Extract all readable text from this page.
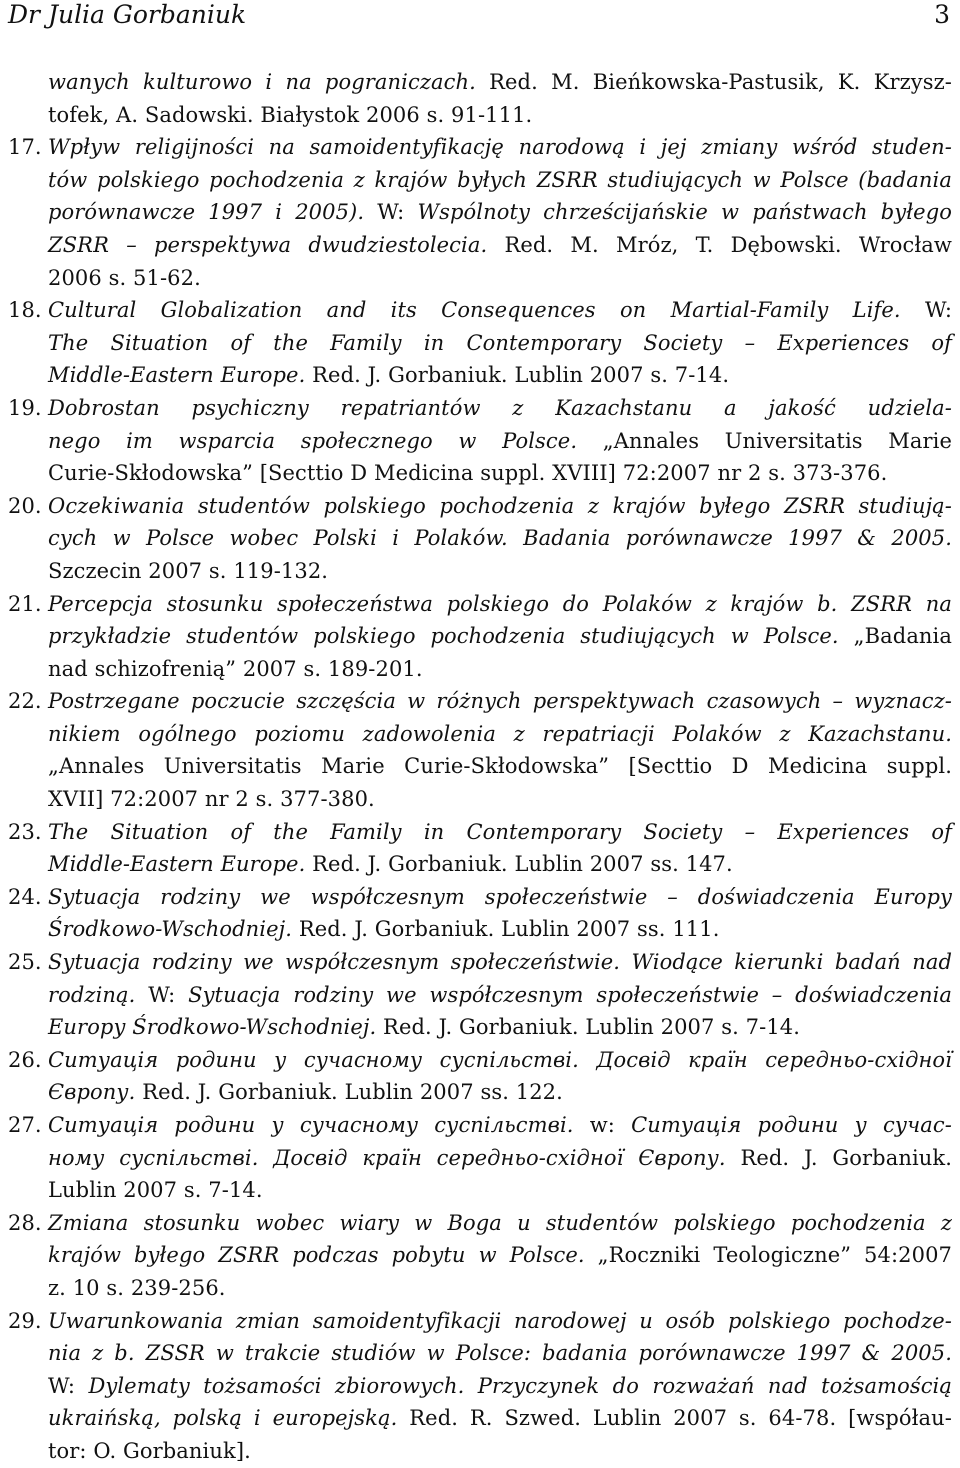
Dr Julia Gorbaniuk	3
wanych kulturowo i na pograniczach. Red. M. Bieńkowska-Pastusik, K. Krzysz-
tofek, A. Sadowski. Białystok 2006 s. 91-111.
17. Wpływ religijności na samoidentyfikację narodową i jej zmiany wśród studen-
tów polskiego pochodzenia z krajów byłych ZSRR studiujących w Polsce (badania
porównawcze 1997 i 2005). W: Wspólnoty chrześcijańskie w państwach byłego
ZSRR – perspektywa dwudziestolecia. Red. M. Mróz, T. Dębowski. Wrocław
2006 s. 51-62.
18. Cultural Globalization and its Consequences on Martial-Family Life. W:
The Situation of the Family in Contemporary Society – Experiences of
Middle-Eastern Europe. Red. J. Gorbaniuk. Lublin 2007 s. 7-14.
19. Dobrostan psychiczny repatriantów z Kazachstanu a jakość udziela-
nego im wsparcia społecznego w Polsce. „Annales Universitatis Marie
Curie-Skłodowska” [Secttio D Medicina suppl. XVIII] 72:2007 nr 2 s. 373-376.
20. Oczekiwania studentów polskiego pochodzenia z krajów byłego ZSRR studiują-
cych w Polsce wobec Polski i Polaków. Badania porównawcze 1997 & 2005.
Szczecin 2007 s. 119-132.
21. Percepcja stosunku społeczeństwa polskiego do Polaków z krajów b. ZSRR na
przykładzie studentów polskiego pochodzenia studiujących w Polsce. „Badania
nad schizofrenią” 2007 s. 189-201.
22. Postrzegane poczucie szczęścia w różnych perspektywach czasowych – wyznacz-
nikiem ogólnego poziomu zadowolenia z repatriacji Polaków z Kazachstanu.
„Annales Universitatis Marie Curie-Skłodowska” [Secttio D Medicina suppl.
XVII] 72:2007 nr 2 s. 377-380.
23. The Situation of the Family in Contemporary Society – Experiences of
Middle-Eastern Europe. Red. J. Gorbaniuk. Lublin 2007 ss. 147.
24. Sytuacja rodziny we współczesnym społeczeństwie – doświadczenia Europy
Środkowo-Wschodniej. Red. J. Gorbaniuk. Lublin 2007 ss. 111.
25. Sytuacja rodziny we współczesnym społeczeństwie. Wiodące kierunki badań nad
rodziną. W: Sytuacja rodziny we współczesnym społeczeństwie – doświadczenia
Europy Środkowo-Wschodniej. Red. J. Gorbaniuk. Lublin 2007 s. 7-14.
26. Ситуація родини у сучасному суспільстві. Досвід країн середньо-східної
Європу. Red. J. Gorbaniuk. Lublin 2007 ss. 122.
27. Ситуація родини у сучасному суспільстві. w: Ситуація родини у сучас-
ному суспільстві. Досвід країн середньо-східної Європу. Red. J. Gorbaniuk.
Lublin 2007 s. 7-14.
28. Zmiana stosunku wobec wiary w Boga u studentów polskiego pochodzenia z
krajów byłego ZSRR podczas pobytu w Polsce. „Roczniki Teologiczne” 54:2007
z. 10 s. 239-256.
29. Uwarunkowania zmian samoidentyfikacji narodowej u osób polskiego pochodze-
nia z b. ZSSR w trakcie studiów w Polsce: badania porównawcze 1997 & 2005.
W: Dylematy tożsamości zbiorowych. Przyczynek do rozważań nad tożsamością
ukraińską, polską i europejską. Red. R. Szwed. Lublin 2007 s. 64-78. [współau-
tor: O. Gorbaniuk].
